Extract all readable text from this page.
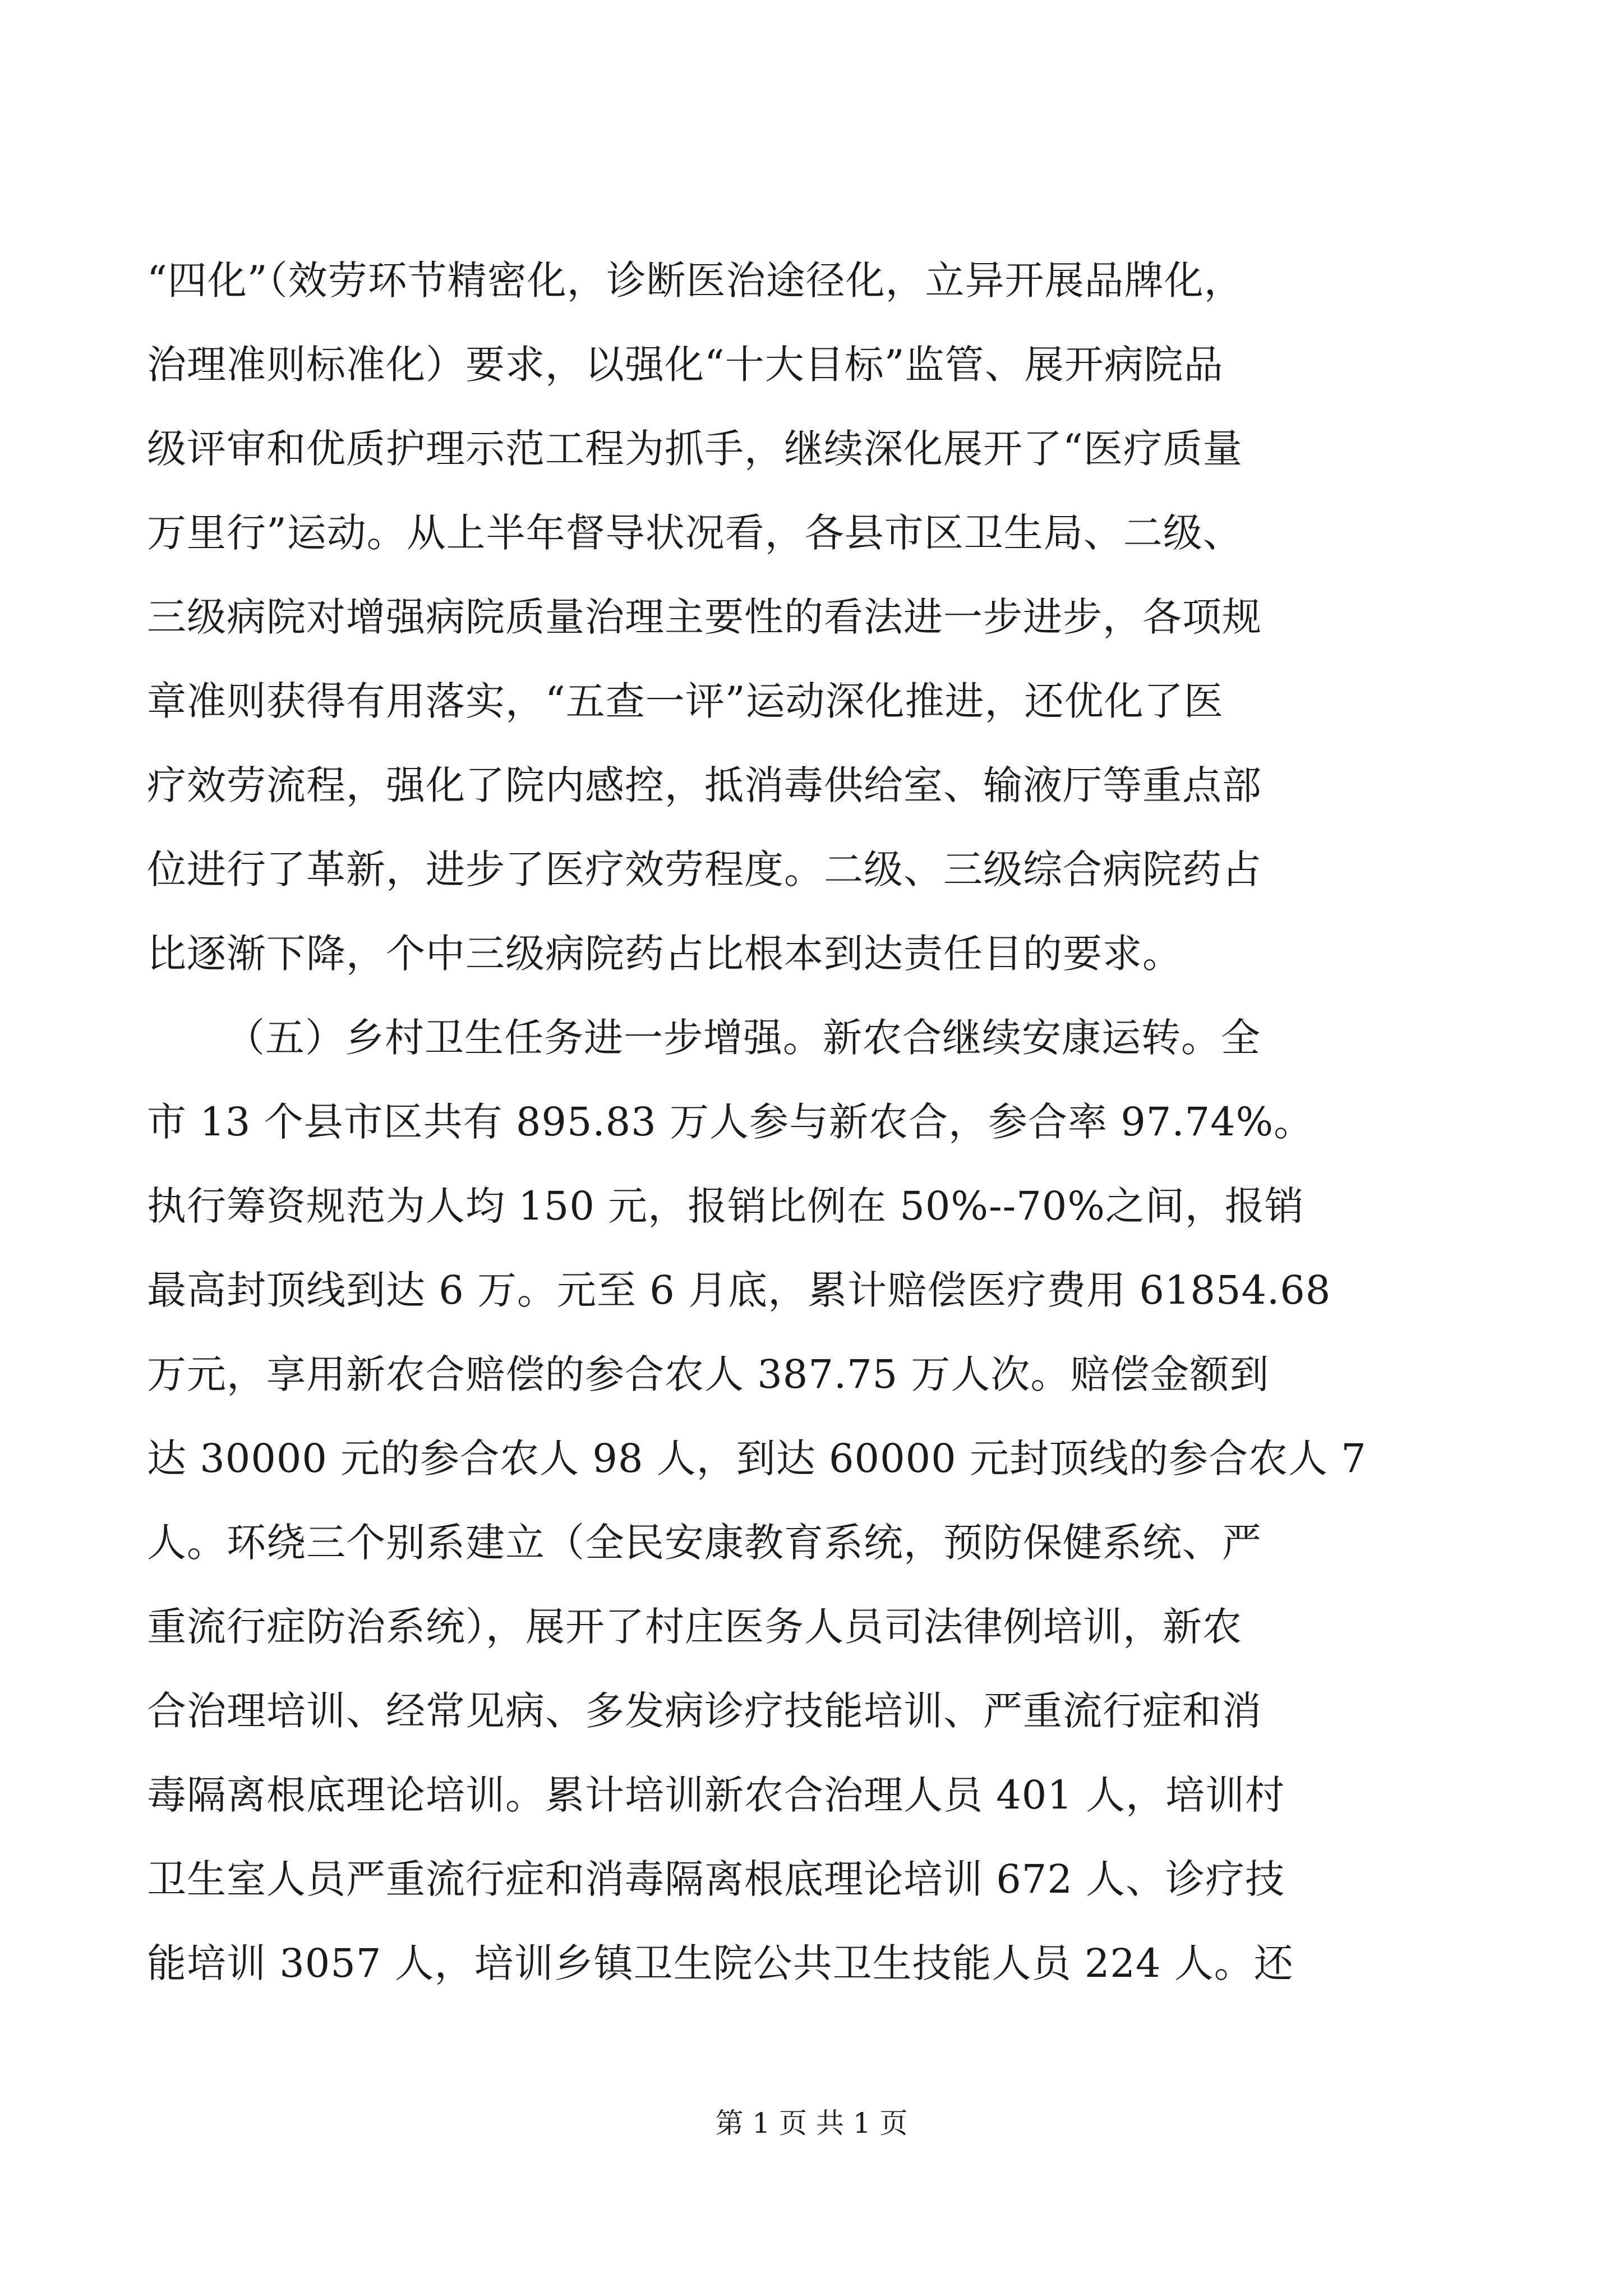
“四化”（效劳环节精密化，诊断医治途径化，立异开展品牌化，
治理准则标准化）要求，以强化“十大目标”监管、展开病院品
级评审和优质护理示范工程为抓手，继续深化展开了“医疗质量
万里行”运动。从上半年督导状况看，各县市区卫生局、二级、
三级病院对增强病院质量治理主要性的看法进一步进步，各项规
章准则获得有用落实，“五查一评”运动深化推进，还优化了医
疗效劳流程，强化了院内感控，抵消毒供给室、输液厅等重点部
位进行了革新，进步了医疗效劳程度。二级、三级综合病院药占
比逐渐下降，个中三级病院药占比根本到达责任目的要求。
（五）乡村卫生任务进一步增强。新农合继续安康运转。全
市 13 个县市区共有 895.83 万人参与新农合，参合率 97.74%。
执行筹资规范为人均 150 元，报销比例在 50%--70%之间，报销
最高封顶线到达 6 万。元至 6 月底，累计赔偿医疗费用 61854.68
万元，享用新农合赔偿的参合农人 387.75 万人次。赔偿金额到
达 30000 元的参合农人 98 人，到达 60000 元封顶线的参合农人 7
人。环绕三个别系建立（全民安康教育系统，预防保健系统、严
重流行症防治系统），展开了村庄医务人员司法律例培训，新农
合治理培训、经常见病、多发病诊疗技能培训、严重流行症和消
毒隔离根底理论培训。累计培训新农合治理人员 401 人，培训村
卫生室人员严重流行症和消毒隔离根底理论培训 672 人、诊疗技
能培训 3057 人，培训乡镇卫生院公共卫生技能人员 224 人。还
第 1 页 共 1 页
